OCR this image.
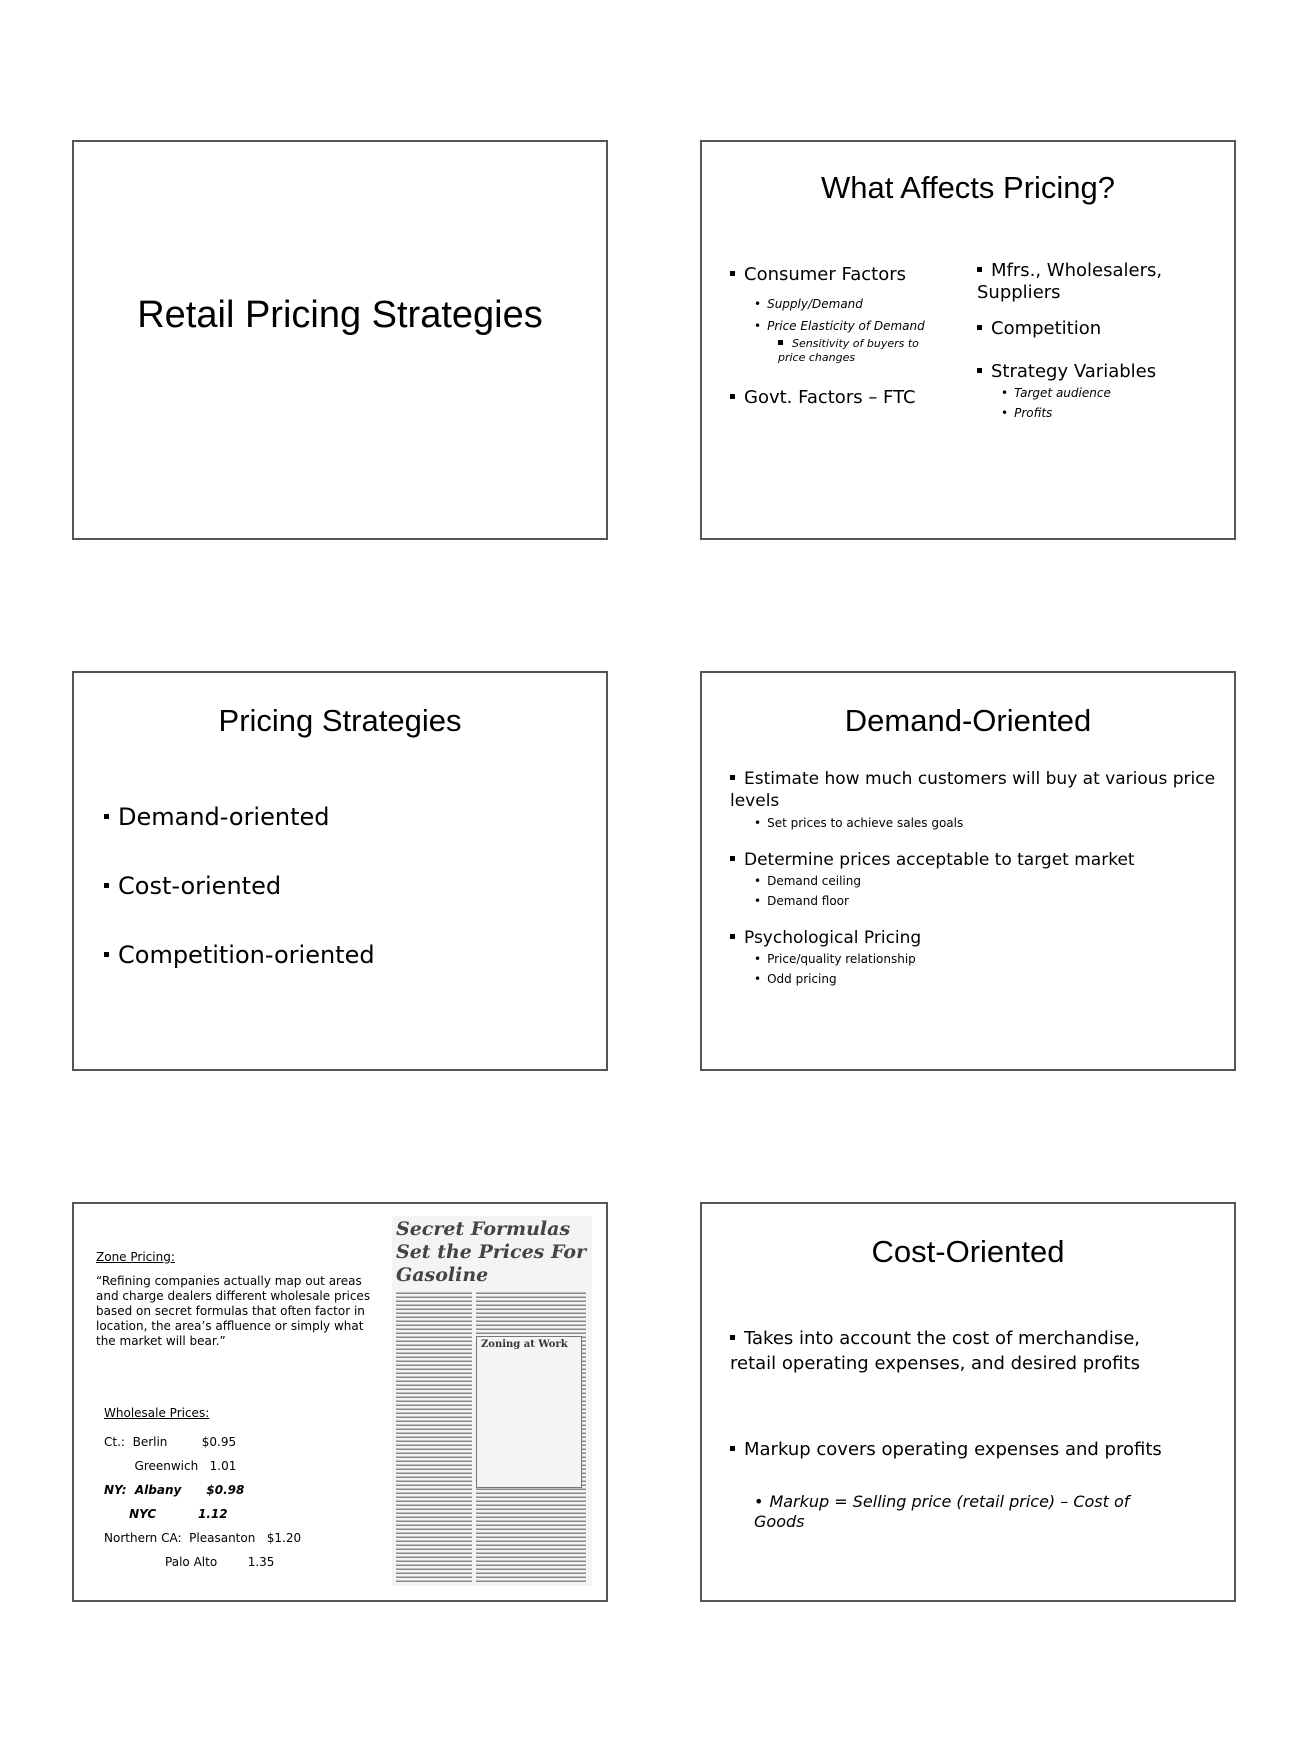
Retail Pricing Strategies
What Affects Pricing?
Consumer Factors
• Supply/Demand
• Price Elasticity of Demand
Sensitivity of buyers to price changes
Govt. Factors – FTC
Mfrs., Wholesalers, Suppliers
Competition
Strategy Variables
• Target audience
• Profits
Pricing Strategies
Demand-oriented
Cost-oriented
Competition-oriented
Demand-Oriented
Estimate how much customers will buy at various price levels
• Set prices to achieve sales goals
Determine prices acceptable to target market
• Demand ceiling
• Demand floor
Psychological Pricing
• Price/quality relationship
• Odd pricing
Zone Pricing:
“Refining companies actually map out areas and charge dealers different wholesale prices based on secret formulas that often factor in location, the area’s affluence or simply what the market will bear.”
Wholesale Prices:
Ct.: Berlin	$0.95
Greenwich 1.01
NY: Albany $0.98
NYC	1.12
Northern CA: Pleasanton $1.20
Palo Alto	1.35
Secret Formulas Set the Prices For Gasoline
Zoning at Work
Cost-Oriented
Takes into account the cost of merchandise, retail operating expenses, and desired profits
Markup covers operating expenses and profits
• Markup = Selling price (retail price) – Cost of Goods
